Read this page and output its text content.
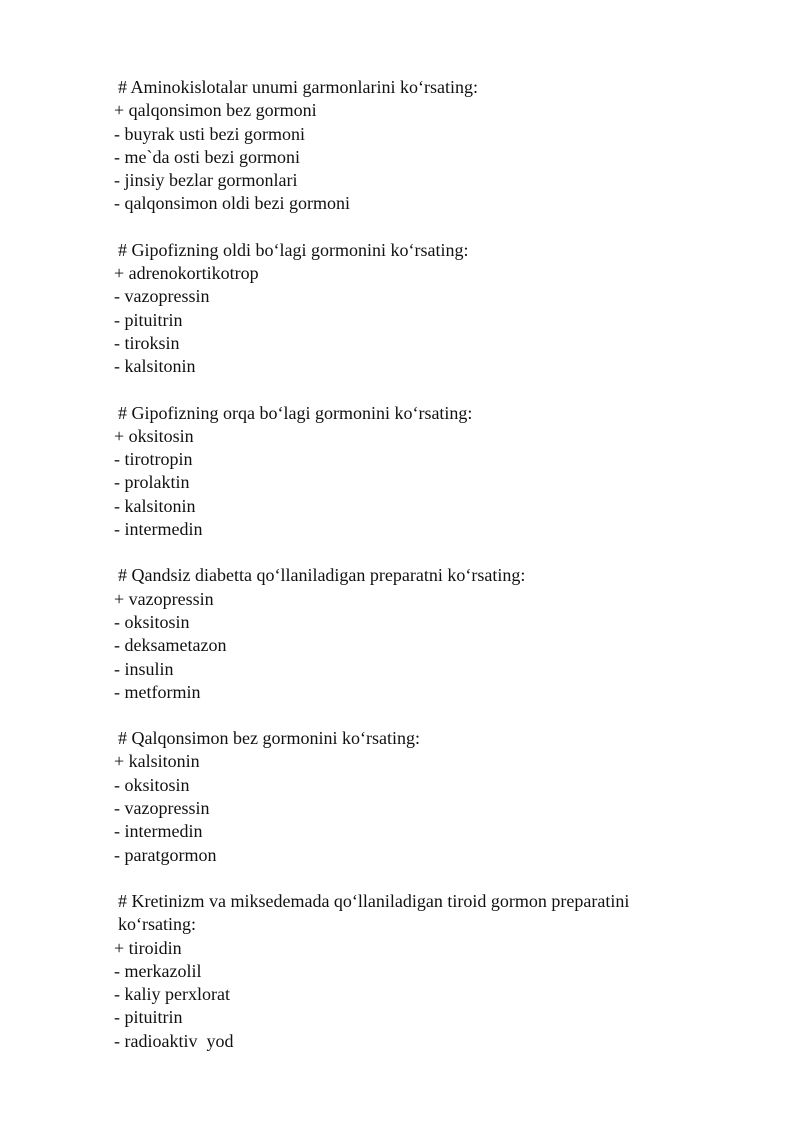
# Aminokislotalar unumi garmonlarini koʻrsating:

+ qalqonsimon bez gormoni

- buyrak usti bezi gormoni

- me`da osti bezi gormoni

- jinsiy bezlar gormonlari

- qalqonsimon oldi bezi gormoni

# Gipofizning oldi boʻlagi gormonini koʻrsating:

+ adrenokortikotrop

- vazopressin

- pituitrin

- tiroksin

- kalsitonin

# Gipofizning orqa boʻlagi gormonini koʻrsating:

+ oksitosin

- tirotropin

- prolaktin

- kalsitonin

- intermedin

# Qandsiz diabetta qoʻllaniladigan preparatni koʻrsating:

+ vazopressin

- oksitosin

- deksametazon

- insulin

- metformin

# Qalqonsimon bez gormonini koʻrsating:

+ kalsitonin

- oksitosin

- vazopressin

- intermedin

- paratgormon

# Kretinizm va miksedemada qoʻllaniladigan tiroid gormon preparatini koʻrsating:

+ tiroidin

- merkazolil

- kaliy perxlorat

- pituitrin

- radioaktiv  yod
